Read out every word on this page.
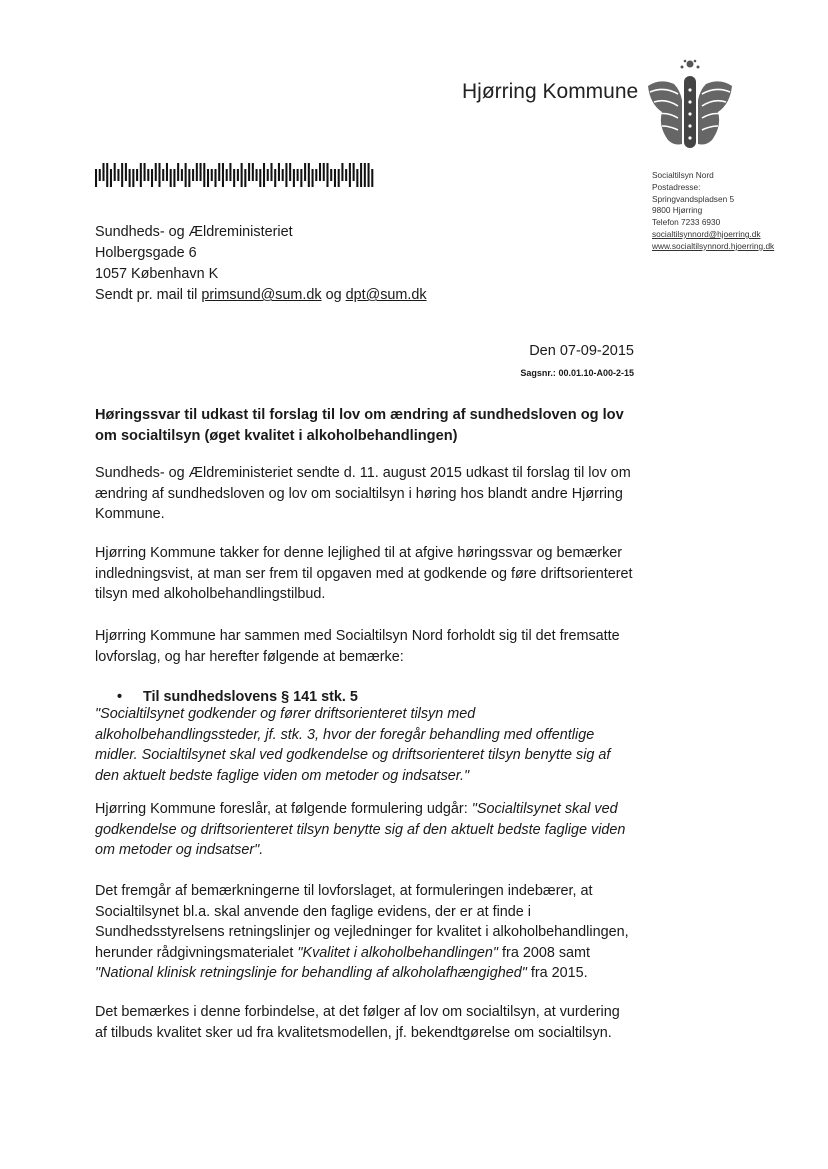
Hjørring Kommune
Socialtilsyn Nord
Postadresse:
Springvandspladsen 5
9800 Hjørring
Telefon 7233 6930
socialtilsynnord@hjoerring.dk
www.socialtilsynnord.hjoerring.dk
Sundheds- og Ældreministeriet
Holbergsgade 6
1057 København K
Sendt pr. mail til primsund@sum.dk og dpt@sum.dk
Den 07-09-2015
Sagsnr.: 00.01.10-A00-2-15
Høringssvar til udkast til forslag til lov om ændring af sundhedsloven og lov
om socialtilsyn (øget kvalitet i alkoholbehandlingen)
Sundheds- og Ældreministeriet sendte d. 11. august 2015 udkast til forslag til lov om
ændring af sundhedsloven og lov om socialtilsyn i høring hos blandt andre Hjørring
Kommune.
Hjørring Kommune takker for denne lejlighed til at afgive høringssvar og bemærker
indledningsvist, at man ser frem til opgaven med at godkende og føre driftsorienteret
tilsyn med alkoholbehandlingstilbud.
Hjørring Kommune har sammen med Socialtilsyn Nord forholdt sig til det fremsatte
lovforslag, og har herefter følgende at bemærke:
• Til sundhedslovens § 141 stk. 5
"Socialtilsynet godkender og fører driftsorienteret tilsyn med
alkoholbehandlingssteder, jf. stk. 3, hvor der foregår behandling med offentlige
midler. Socialtilsynet skal ved godkendelse og driftsorienteret tilsyn benytte sig af
den aktuelt bedste faglige viden om metoder og indsatser."
Hjørring Kommune foreslår, at følgende formulering udgår: "Socialtilsynet skal ved
godkendelse og driftsorienteret tilsyn benytte sig af den aktuelt bedste faglige viden
om metoder og indsatser".
Det fremgår af bemærkningerne til lovforslaget, at formuleringen indebærer, at
Socialtilsynet bl.a. skal anvende den faglige evidens, der er at finde i
Sundhedsstyrelsens retningslinjer og vejledninger for kvalitet i alkoholbehandlingen,
herunder rådgivningsmaterialet "Kvalitet i alkoholbehandlingen" fra 2008 samt
"National klinisk retningslinje for behandling af alkoholafhængighed" fra 2015.
Det bemærkes i denne forbindelse, at det følger af lov om socialtilsyn, at vurdering
af tilbuds kvalitet sker ud fra kvalitetsmodellen, jf. bekendtgørelse om socialtilsyn.
